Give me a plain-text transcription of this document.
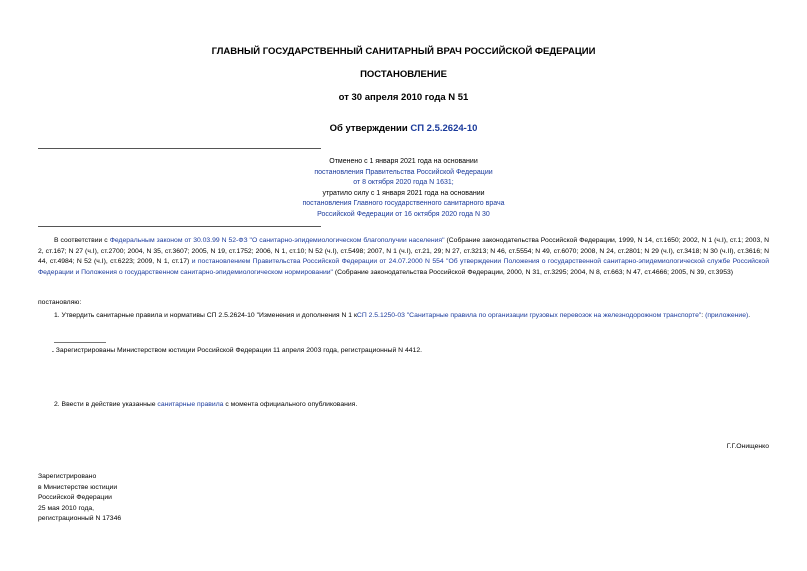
ГЛАВНЫЙ ГОСУДАРСТВЕННЫЙ САНИТАРНЫЙ ВРАЧ РОССИЙСКОЙ ФЕДЕРАЦИИ
ПОСТАНОВЛЕНИЕ
от 30 апреля 2010 года N 51
Об утверждении СП 2.5.2624-10
Отменено с 1 января 2021 года на основании
постановления Правительства Российской Федерации
от 8 октября 2020 года N 1631;
утратило силу с 1 января 2021 года на основании
постановления Главного государственного санитарного врача
Российской Федерации от 16 октября 2020 года N 30
В соответствии с Федеральным законом от 30.03.99 N 52-ФЗ "О санитарно-эпидемиологическом благополучии населения" (Собрание законодательства Российской Федерации, 1999, N 14, ст.1650; 2002, N 1 (ч.I), ст.1; 2003, N 2, ст.167; N 27 (ч.I), ст.2700; 2004, N 35, ст.3607; 2005, N 19, ст.1752; 2006, N 1, ст.10; N 52 (ч.I), ст.5498; 2007, N 1 (ч.I), ст.21, 29; N 27, ст.3213; N 46, ст.5554; N 49, ст.6070; 2008, N 24, ст.2801; N 29 (ч.I), ст.3418; N 30 (ч.II), ст.3616; N 44, ст.4984; N 52 (ч.I), ст.6223; 2009, N 1, ст.17) и постановлением Правительства Российской Федерации от 24.07.2000 N 554 "Об утверждении Положения о государственной санитарно-эпидемиологической службе Российской Федерации и Положения о государственном санитарно-эпидемиологическом нормировании" (Собрание законодательства Российской Федерации, 2000, N 31, ст.3295; 2004, N 8, ст.663; N 47, ст.4666; 2005, N 39, ст.3953)
постановляю:
1. Утвердить санитарные правила и нормативы СП 2.5.2624-10 "Изменения и дополнения N 1 кСП 2.5.1250-03 "Санитарные правила по организации грузовых перевозок на железнодорожном транспорте": (приложение).
. Зарегистрированы Министерством юстиции Российской Федерации 11 апреля 2003 года, регистрационный N 4412.
2. Ввести в действие указанные санитарные правила с момента официального опубликования.
Г.Г.Онищенко
Зарегистрировано
в Министерстве юстиции
Российской Федерации
25 мая 2010 года,
регистрационный N 17346
